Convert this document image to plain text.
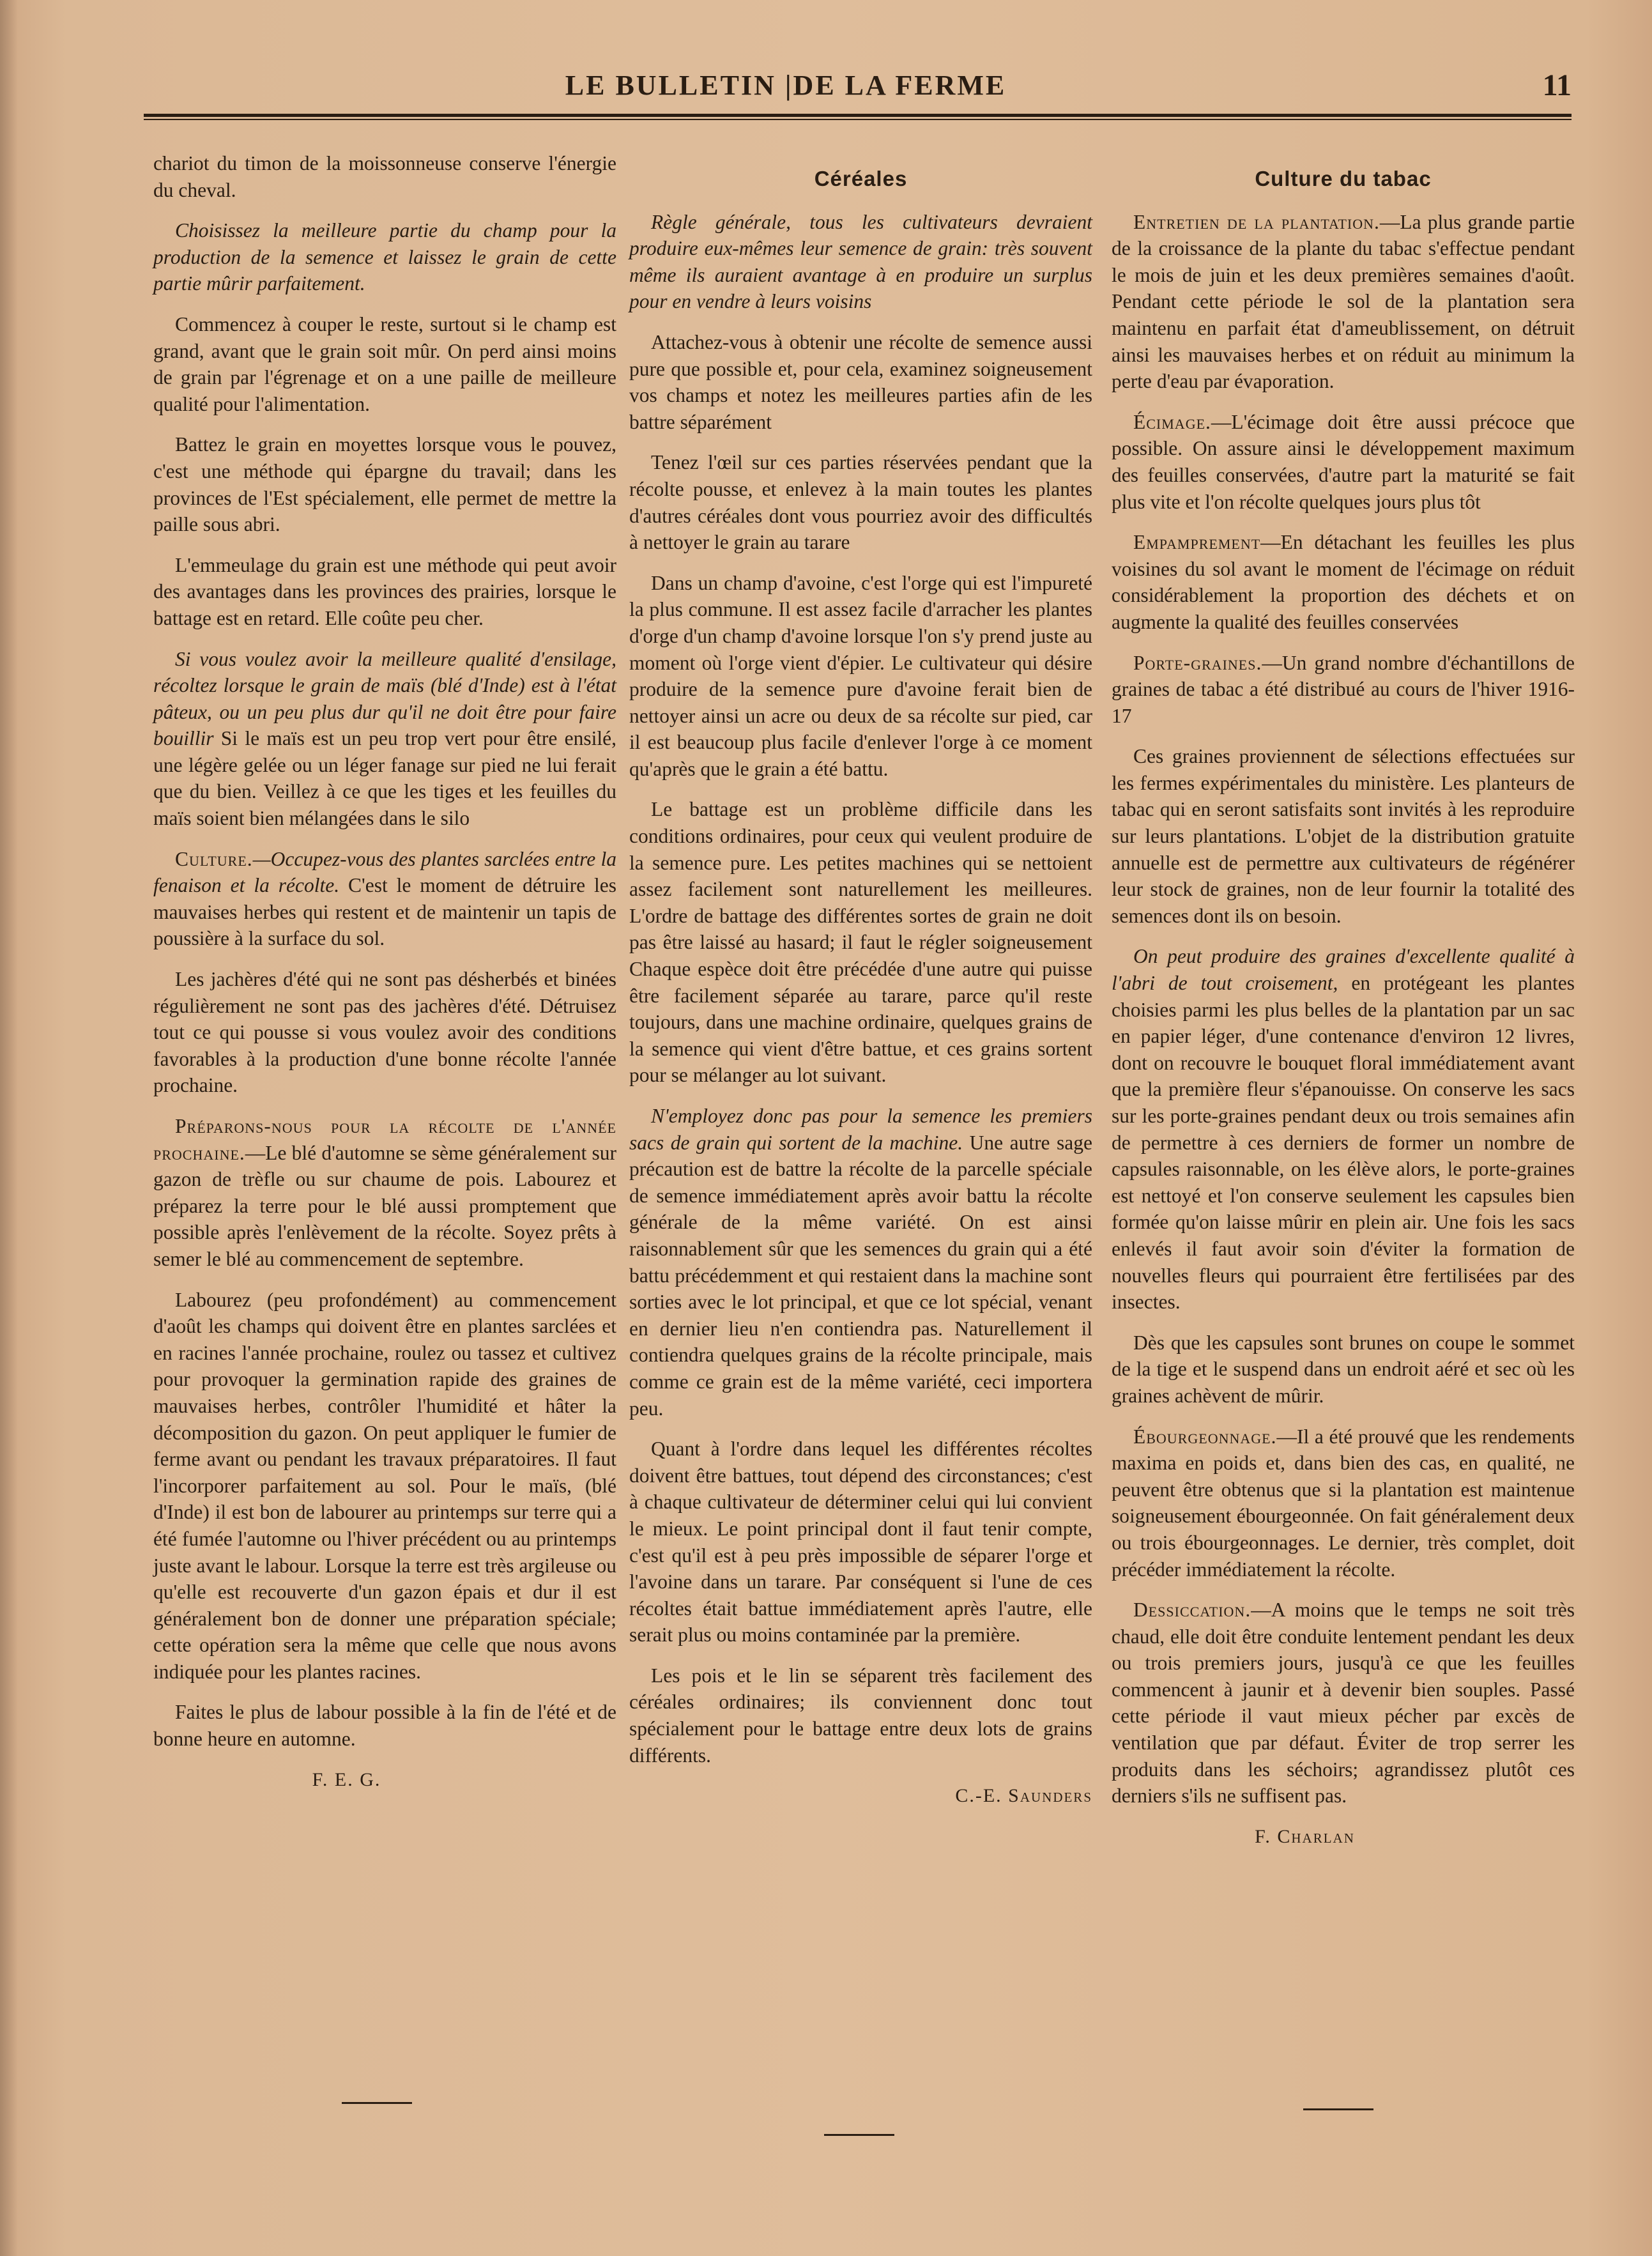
LE BULLETIN |DE LA FERME	11

chariot du timon de la moissonneuse conserve l'énergie du cheval.

Choisissez la meilleure partie du champ pour la production de la semence et laissez le grain de cette partie mûrir parfaitement.

Commencez à couper le reste, surtout si le champ est grand, avant que le grain soit mûr. On perd ainsi moins de grain par l'égrenage et on a une paille de meilleure qualité pour l'alimentation.

Battez le grain en moyettes lorsque vous le pouvez, c'est une méthode qui épargne du travail; dans les provinces de l'Est spécialement, elle permet de mettre la paille sous abri.

L'emmeulage du grain est une méthode qui peut avoir des avantages dans les provinces des prairies, lorsque le battage est en retard. Elle coûte peu cher.

Si vous voulez avoir la meilleure qualité d'ensilage, récoltez lorsque le grain de maïs (blé d'Inde) est à l'état pâteux, ou un peu plus dur qu'il ne doit être pour faire bouillir Si le maïs est un peu trop vert pour être ensilé, une légère gelée ou un léger fanage sur pied ne lui ferait que du bien. Veillez à ce que les tiges et les feuilles du maïs soient bien mélangées dans le silo

Culture.—Occupez-vous des plantes sarclées entre la fenaison et la récolte. C'est le moment de détruire les mauvaises herbes qui restent et de maintenir un tapis de poussière à la surface du sol.

Les jachères d'été qui ne sont pas désherbés et binées régulièrement ne sont pas des jachères d'été. Détruisez tout ce qui pousse si vous voulez avoir des conditions favorables à la production d'une bonne récolte l'année prochaine.

Préparons-nous pour la récolte de l'année prochaine.—Le blé d'automne se sème généralement sur gazon de trèfle ou sur chaume de pois. Labourez et préparez la terre pour le blé aussi promptement que possible après l'enlèvement de la récolte. Soyez prêts à semer le blé au commencement de septembre.

Labourez (peu profondément) au commencement d'août les champs qui doivent être en plantes sarclées et en racines l'année prochaine, roulez ou tassez et cultivez pour provoquer la germination rapide des graines de mauvaises herbes, contrôler l'humidité et hâter la décomposition du gazon. On peut appliquer le fumier de ferme avant ou pendant les travaux préparatoires. Il faut l'incorporer parfaitement au sol. Pour le maïs, (blé d'Inde) il est bon de labourer au printemps sur terre qui a été fumée l'automne ou l'hiver précédent ou au printemps juste avant le labour. Lorsque la terre est très argileuse ou qu'elle est recouverte d'un gazon épais et dur il est généralement bon de donner une préparation spéciale; cette opération sera la même que celle que nous avons indiquée pour les plantes racines.

Faites le plus de labour possible à la fin de l'été et de bonne heure en automne.

F. E. G.
Céréales

Règle générale, tous les cultivateurs devraient produire eux-mêmes leur semence de grain: très souvent même ils auraient avantage à en produire un surplus pour en vendre à leurs voisins

Attachez-vous à obtenir une récolte de semence aussi pure que possible et, pour cela, examinez soigneusement vos champs et notez les meilleures parties afin de les battre séparément

Tenez l'œil sur ces parties réservées pendant que la récolte pousse, et enlevez à la main toutes les plantes d'autres céréales dont vous pourriez avoir des difficultés à nettoyer le grain au tarare

Dans un champ d'avoine, c'est l'orge qui est l'impureté la plus commune. Il est assez facile d'arracher les plantes d'orge d'un champ d'avoine lorsque l'on s'y prend juste au moment où l'orge vient d'épier. Le cultivateur qui désire produire de la semence pure d'avoine ferait bien de nettoyer ainsi un acre ou deux de sa récolte sur pied, car il est beaucoup plus facile d'enlever l'orge à ce moment qu'après que le grain a été battu.

Le battage est un problème difficile dans les conditions ordinaires, pour ceux qui veulent produire de la semence pure. Les petites machines qui se nettoient assez facilement sont naturellement les meilleures. L'ordre de battage des différentes sortes de grain ne doit pas être laissé au hasard; il faut le régler soigneusement Chaque espèce doit être précédée d'une autre qui puisse être facilement séparée au tarare, parce qu'il reste toujours, dans une machine ordinaire, quelques grains de la semence qui vient d'être battue, et ces grains sortent pour se mélanger au lot suivant.

N'employez donc pas pour la semence les premiers sacs de grain qui sortent de la machine. Une autre sage précaution est de battre la récolte de la parcelle spéciale de semence immédiatement après avoir battu la récolte générale de la même variété. On est ainsi raisonnablement sûr que les semences du grain qui a été battu précédemment et qui restaient dans la machine sont sorties avec le lot principal, et que ce lot spécial, venant en dernier lieu n'en contiendra pas. Naturellement il contiendra quelques grains de la récolte principale, mais comme ce grain est de la même variété, ceci importera peu.

Quant à l'ordre dans lequel les différentes récoltes doivent être battues, tout dépend des circonstances; c'est à chaque cultivateur de déterminer celui qui lui convient le mieux. Le point principal dont il faut tenir compte, c'est qu'il est à peu près impossible de séparer l'orge et l'avoine dans un tarare. Par conséquent si l'une de ces récoltes était battue immédiatement après l'autre, elle serait plus ou moins contaminée par la première.

Les pois et le lin se séparent très facilement des céréales ordinaires; ils conviennent donc tout spécialement pour le battage entre deux lots de grains différents.

C.-E. Saunders
Culture du tabac

Entretien de la plantation.—La plus grande partie de la croissance de la plante du tabac s'effectue pendant le mois de juin et les deux premières semaines d'août. Pendant cette période le sol de la plantation sera maintenu en parfait état d'ameublissement, on détruit ainsi les mauvaises herbes et on réduit au minimum la perte d'eau par évaporation.

Écimage.—L'écimage doit être aussi précoce que possible. On assure ainsi le développement maximum des feuilles conservées, d'autre part la maturité se fait plus vite et l'on récolte quelques jours plus tôt

Empamprement—En détachant les feuilles les plus voisines du sol avant le moment de l'écimage on réduit considérablement la proportion des déchets et on augmente la qualité des feuilles conservées

Porte-graines.—Un grand nombre d'échantillons de graines de tabac a été distribué au cours de l'hiver 1916-17

Ces graines proviennent de sélections effectuées sur les fermes expérimentales du ministère. Les planteurs de tabac qui en seront satisfaits sont invités à les reproduire sur leurs plantations. L'objet de la distribution gratuite annuelle est de permettre aux cultivateurs de régénérer leur stock de graines, non de leur fournir la totalité des semences dont ils on besoin.

On peut produire des graines d'excellente qualité à l'abri de tout croisement, en protégeant les plantes choisies parmi les plus belles de la plantation par un sac en papier léger, d'une contenance d'environ 12 livres, dont on recouvre le bouquet floral immédiatement avant que la première fleur s'épanouisse. On conserve les sacs sur les porte-graines pendant deux ou trois semaines afin de permettre à ces derniers de former un nombre de capsules raisonnable, on les élève alors, le porte-graines est nettoyé et l'on conserve seulement les capsules bien formée qu'on laisse mûrir en plein air. Une fois les sacs enlevés il faut avoir soin d'éviter la formation de nouvelles fleurs qui pourraient être fertilisées par des insectes.

Dès que les capsules sont brunes on coupe le sommet de la tige et le suspend dans un endroit aéré et sec où les graines achèvent de mûrir.

Ébourgeonnage.—Il a été prouvé que les rendements maxima en poids et, dans bien des cas, en qualité, ne peuvent être obtenus que si la plantation est maintenue soigneusement ébourgeonnée. On fait généralement deux ou trois ébourgeonnages. Le dernier, très complet, doit précéder immédiatement la récolte.

Dessiccation.—A moins que le temps ne soit très chaud, elle doit être conduite lentement pendant les deux ou trois premiers jours, jusqu'à ce que les feuilles commencent à jaunir et à devenir bien souples. Passé cette période il vaut mieux pécher par excès de ventilation que par défaut. Éviter de trop serrer les produits dans les séchoirs; agrandissez plutôt ces derniers s'ils ne suffisent pas.

F. Charlan
